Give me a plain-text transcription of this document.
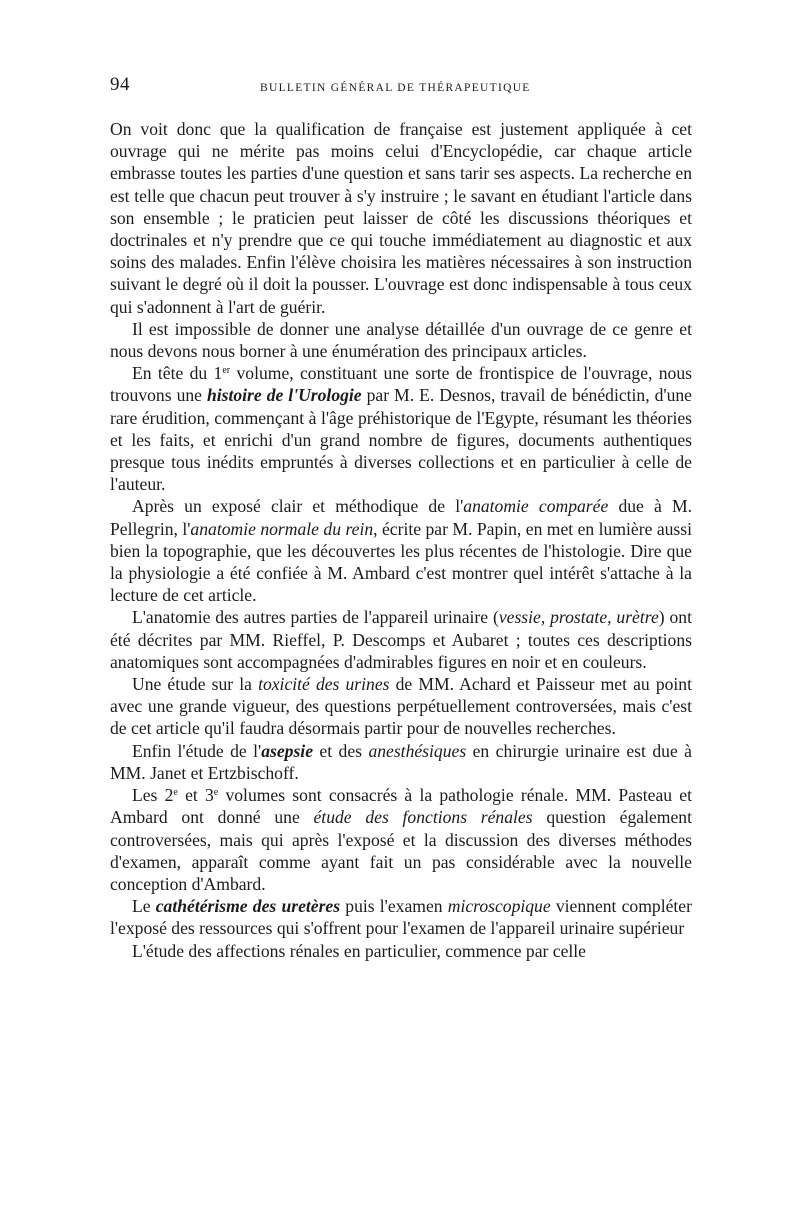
94	BULLETIN GÉNÉRAL DE THÉRAPEUTIQUE

On voit donc que la qualification de française est justement appliquée à cet ouvrage qui ne mérite pas moins celui d'Encyclopédie, car chaque article embrasse toutes les parties d'une question et sans tarir ses aspects. La recherche en est telle que chacun peut trouver à s'y instruire ; le savant en étudiant l'article dans son ensemble ; le praticien peut laisser de côté les discussions théoriques et doctrinales et n'y prendre que ce qui touche immédiatement au diagnostic et aux soins des malades. Enfin l'élève choisira les matières nécessaires à son instruction suivant le degré où il doit la pousser. L'ouvrage est donc indispensable à tous ceux qui s'adonnent à l'art de guérir.

Il est impossible de donner une analyse détaillée d'un ouvrage de ce genre et nous devons nous borner à une énumération des principaux articles.

En tête du 1er volume, constituant une sorte de frontispice de l'ouvrage, nous trouvons une histoire de l'Urologie par M. E. Desnos, travail de bénédictin, d'une rare érudition, commençant à l'âge préhistorique de l'Egypte, résumant les théories et les faits, et enrichi d'un grand nombre de figures, documents authentiques presque tous inédits empruntés à diverses collections et en particulier à celle de l'auteur.

Après un exposé clair et méthodique de l'anatomie comparée due à M. Pellegrin, l'anatomie normale du rein, écrite par M. Papin, en met en lumière aussi bien la topographie, que les découvertes les plus récentes de l'histologie. Dire que la physiologie a été confiée à M. Ambard c'est montrer quel intérêt s'attache à la lecture de cet article.

L'anatomie des autres parties de l'appareil urinaire (vessie, prostate, urètre) ont été décrites par MM. Rieffel, P. Descomps et Aubaret ; toutes ces descriptions anatomiques sont accompagnées d'admirables figures en noir et en couleurs.

Une étude sur la toxicité des urines de MM. Achard et Paisseur met au point avec une grande vigueur, des questions perpétuellement controversées, mais c'est de cet article qu'il faudra désormais partir pour de nouvelles recherches.

Enfin l'étude de l'asepsie et des anesthésiques en chirurgie urinaire est due à MM. Janet et Ertzbischoff.

Les 2e et 3e volumes sont consacrés à la pathologie rénale. MM. Pasteau et Ambard ont donné une étude des fonctions rénales question également controversées, mais qui après l'exposé et la discussion des diverses méthodes d'examen, apparaît comme ayant fait un pas considérable avec la nouvelle conception d'Ambard.

Le cathétérisme des uretères puis l'examen microscopique viennent compléter l'exposé des ressources qui s'offrent pour l'examen de l'appareil urinaire supérieur

L'étude des affections rénales en particulier, commence par celle
